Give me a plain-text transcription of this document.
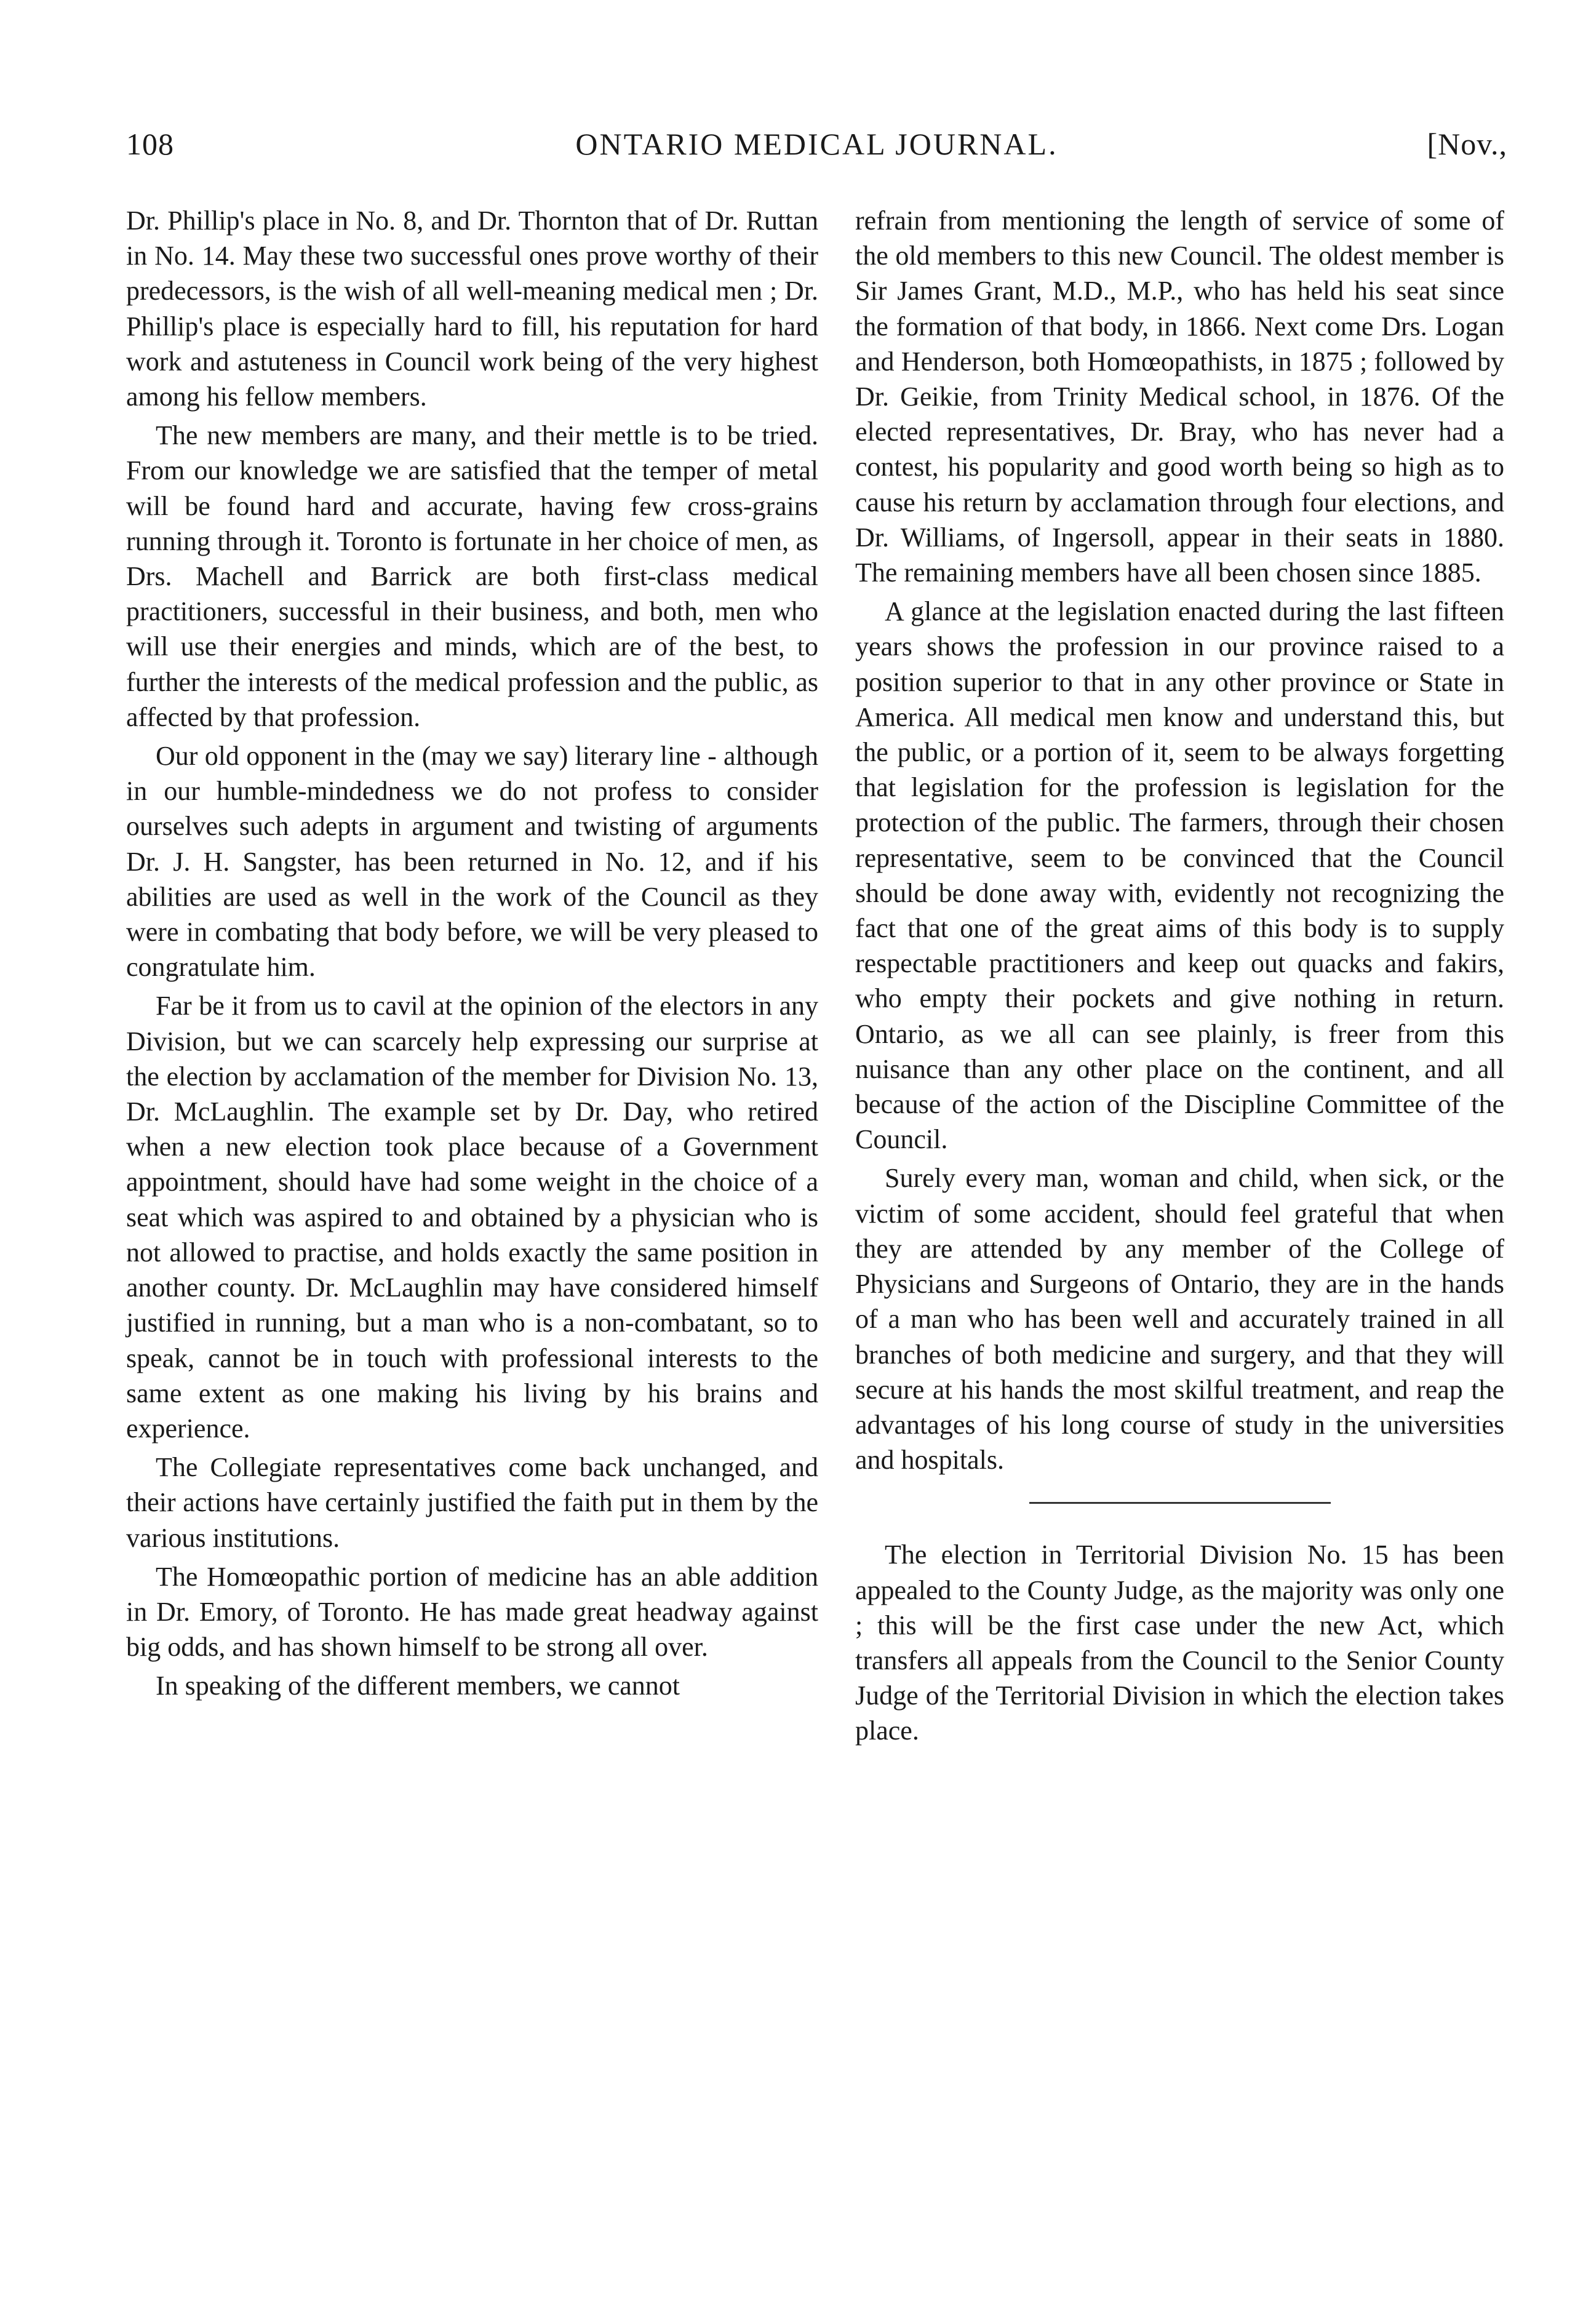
108	ONTARIO MEDICAL JOURNAL.	[Nov.,

Dr. Phillip's place in No. 8, and Dr. Thornton that of Dr. Ruttan in No. 14. May these two successful ones prove worthy of their predecessors, is the wish of all well-meaning medical men ; Dr. Phillip's place is especially hard to fill, his reputation for hard work and astuteness in Council work being of the very highest among his fellow members.

The new members are many, and their mettle is to be tried. From our knowledge we are satisfied that the temper of metal will be found hard and accurate, having few cross-grains running through it. Toronto is fortunate in her choice of men, as Drs. Machell and Barrick are both first-class medical practitioners, successful in their business, and both, men who will use their energies and minds, which are of the best, to further the interests of the medical profession and the public, as affected by that profession.

Our old opponent in the (may we say) literary line - although in our humble-mindedness we do not profess to consider ourselves such adepts in argument and twisting of arguments Dr. J. H. Sangster, has been returned in No. 12, and if his abilities are used as well in the work of the Council as they were in combating that body before, we will be very pleased to congratulate him.

Far be it from us to cavil at the opinion of the electors in any Division, but we can scarcely help expressing our surprise at the election by acclamation of the member for Division No. 13, Dr. McLaughlin. The example set by Dr. Day, who retired when a new election took place because of a Government appointment, should have had some weight in the choice of a seat which was aspired to and obtained by a physician who is not allowed to practise, and holds exactly the same position in another county. Dr. McLaughlin may have considered himself justified in running, but a man who is a non-combatant, so to speak, cannot be in touch with professional interests to the same extent as one making his living by his brains and experience.

The Collegiate representatives come back unchanged, and their actions have certainly justified the faith put in them by the various institutions.

The Homœopathic portion of medicine has an able addition in Dr. Emory, of Toronto. He has made great headway against big odds, and has shown himself to be strong all over.

In speaking of the different members, we cannot

refrain from mentioning the length of service of some of the old members to this new Council. The oldest member is Sir James Grant, M.D., M.P., who has held his seat since the formation of that body, in 1866. Next come Drs. Logan and Henderson, both Homœopathists, in 1875 ; followed by Dr. Geikie, from Trinity Medical school, in 1876. Of the elected representatives, Dr. Bray, who has never had a contest, his popularity and good worth being so high as to cause his return by acclamation through four elections, and Dr. Williams, of Ingersoll, appear in their seats in 1880. The remaining members have all been chosen since 1885.

A glance at the legislation enacted during the last fifteen years shows the profession in our province raised to a position superior to that in any other province or State in America. All medical men know and understand this, but the public, or a portion of it, seem to be always forgetting that legislation for the profession is legislation for the protection of the public. The farmers, through their chosen representative, seem to be convinced that the Council should be done away with, evidently not recognizing the fact that one of the great aims of this body is to supply respectable practitioners and keep out quacks and fakirs, who empty their pockets and give nothing in return. Ontario, as we all can see plainly, is freer from this nuisance than any other place on the continent, and all because of the action of the Discipline Committee of the Council.

Surely every man, woman and child, when sick, or the victim of some accident, should feel grateful that when they are attended by any member of the College of Physicians and Surgeons of Ontario, they are in the hands of a man who has been well and accurately trained in all branches of both medicine and surgery, and that they will secure at his hands the most skilful treatment, and reap the advantages of his long course of study in the universities and hospitals.

The election in Territorial Division No. 15 has been appealed to the County Judge, as the majority was only one ; this will be the first case under the new Act, which transfers all appeals from the Council to the Senior County Judge of the Territorial Division in which the election takes place.
